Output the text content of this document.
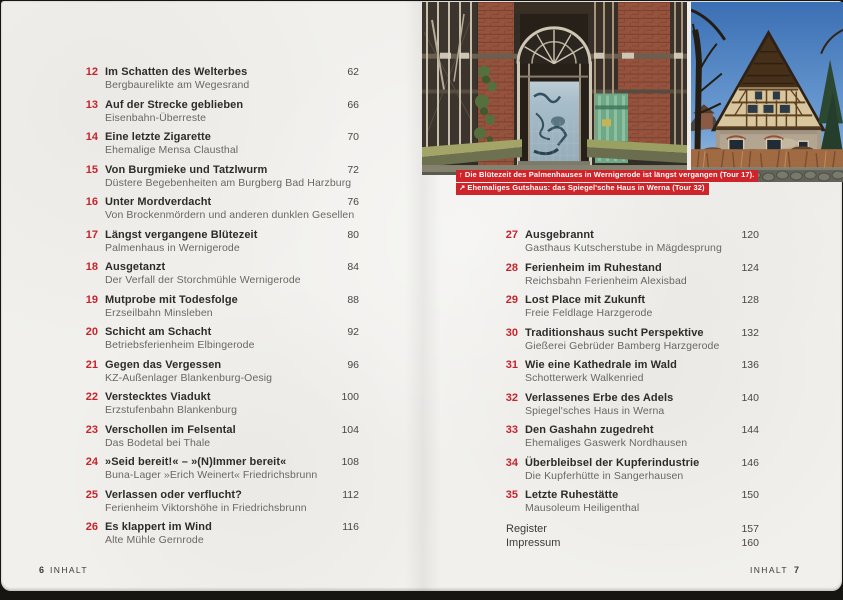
↑ Die Blütezeit des Palmenhauses in Wernigerode ist längst vergangen (Tour 17).
↗ Ehemaliges Gutshaus: das Spiegel'sche Haus in Werna (Tour 32)
12 Im Schatten des Welterbes	62
Bergbaurelikte am Wegesrand
13 Auf der Strecke geblieben	66
Eisenbahn-Überreste
14 Eine letzte Zigarette	70
Ehemalige Mensa Clausthal
15 Von Burgmieke und Tatzlwurm	72
Düstere Begebenheiten am Burgberg Bad Harzburg
16 Unter Mordverdacht	76
Von Brockenmördern und anderen dunklen Gesellen
17 Längst vergangene Blütezeit	80
Palmenhaus in Wernigerode
18 Ausgetanzt	84
Der Verfall der Storchmühle Wernigerode
19 Mutprobe mit Todesfolge	88
Erzseilbahn Minsleben
20 Schicht am Schacht	92
Betriebsferienheim Elbingerode
21 Gegen das Vergessen	96
KZ-Außenlager Blankenburg-Oesig
22 Verstecktes Viadukt	100
Erzstufenbahn Blankenburg
23 Verschollen im Felsental	104
Das Bodetal bei Thale
24 »Seid bereit!« – »(N)Immer bereit«	108
Buna-Lager »Erich Weinert« Friedrichsbrunn
25 Verlassen oder verflucht?	112
Ferienheim Viktorshöhe in Friedrichsbrunn
26 Es klappert im Wind	116
Alte Mühle Gernrode
27 Ausgebrannt	120
Gasthaus Kutscherstube in Mägdesprung
28 Ferienheim im Ruhestand	124
Reichsbahn Ferienheim Alexisbad
29 Lost Place mit Zukunft	128
Freie Feldlage Harzgerode
30 Traditionshaus sucht Perspektive	132
Gießerei Gebrüder Bamberg Harzgerode
31 Wie eine Kathedrale im Wald	136
Schotterwerk Walkenried
32 Verlassenes Erbe des Adels	140
Spiegel'sches Haus in Werna
33 Den Gashahn zugedreht	144
Ehemaliges Gaswerk Nordhausen
34 Überbleibsel der Kupferindustrie	146
Die Kupferhütte in Sangerhausen
35 Letzte Ruhestätte	150
Mausoleum Heiligenthal
Register	157
Impressum	160
6 INHALT	INHALT 7
